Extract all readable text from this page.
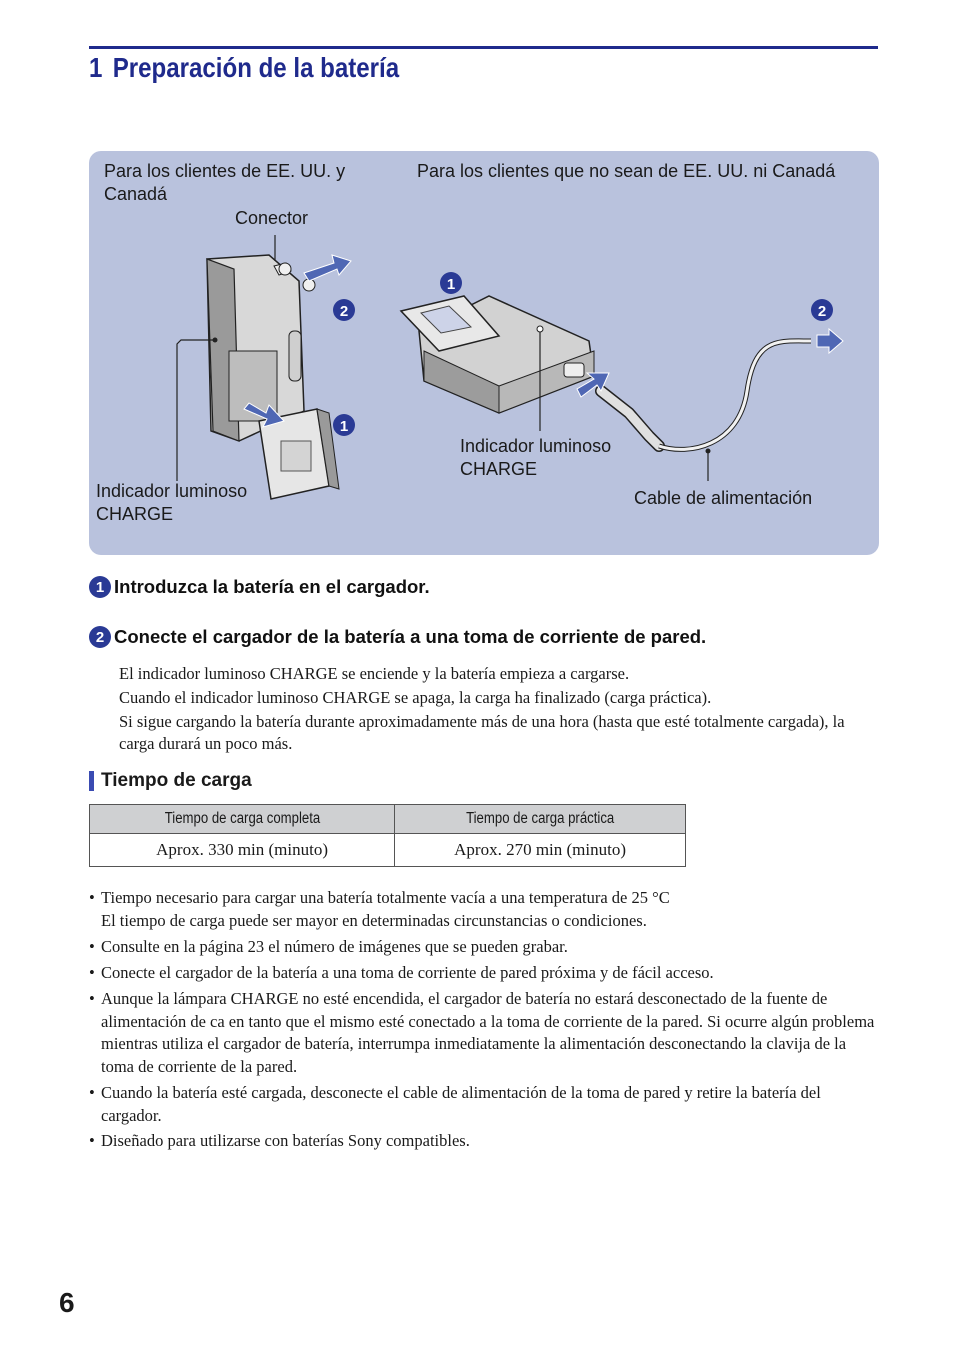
1 Preparación de la batería
2
1
1
2
Para los clientes de EE. UU. y Canadá
Para los clientes que no sean de EE. UU. ni Canadá
Conector
Indicador luminoso CHARGE
Indicador luminoso CHARGE
Cable de alimentación
1 Introduzca la batería en el cargador.
2 Conecte el cargador de la batería a una toma de corriente de pared.
El indicador luminoso CHARGE se enciende y la batería empieza a cargarse.
Cuando el indicador luminoso CHARGE se apaga, la carga ha finalizado (carga práctica).
Si sigue cargando la batería durante aproximadamente más de una hora (hasta que esté totalmente cargada), la carga durará un poco más.
Tiempo de carga
Tiempo de carga completa	Tiempo de carga práctica
Aprox. 330 min (minuto)	Aprox. 270 min (minuto)
• Tiempo necesario para cargar una batería totalmente vacía a una temperatura de 25 °C
El tiempo de carga puede ser mayor en determinadas circunstancias o condiciones.
• Consulte en la página 23 el número de imágenes que se pueden grabar.
• Conecte el cargador de la batería a una toma de corriente de pared próxima y de fácil acceso.
• Aunque la lámpara CHARGE no esté encendida, el cargador de batería no estará desconectado de la fuente de alimentación de ca en tanto que el mismo esté conectado a la toma de corriente de la pared. Si ocurre algún problema mientras utiliza el cargador de batería, interrumpa inmediatamente la alimentación desconectando la clavija de la toma de corriente de la pared.
• Cuando la batería esté cargada, desconecte el cable de alimentación de la toma de pared y retire la batería del cargador.
• Diseñado para utilizarse con baterías Sony compatibles.
6
